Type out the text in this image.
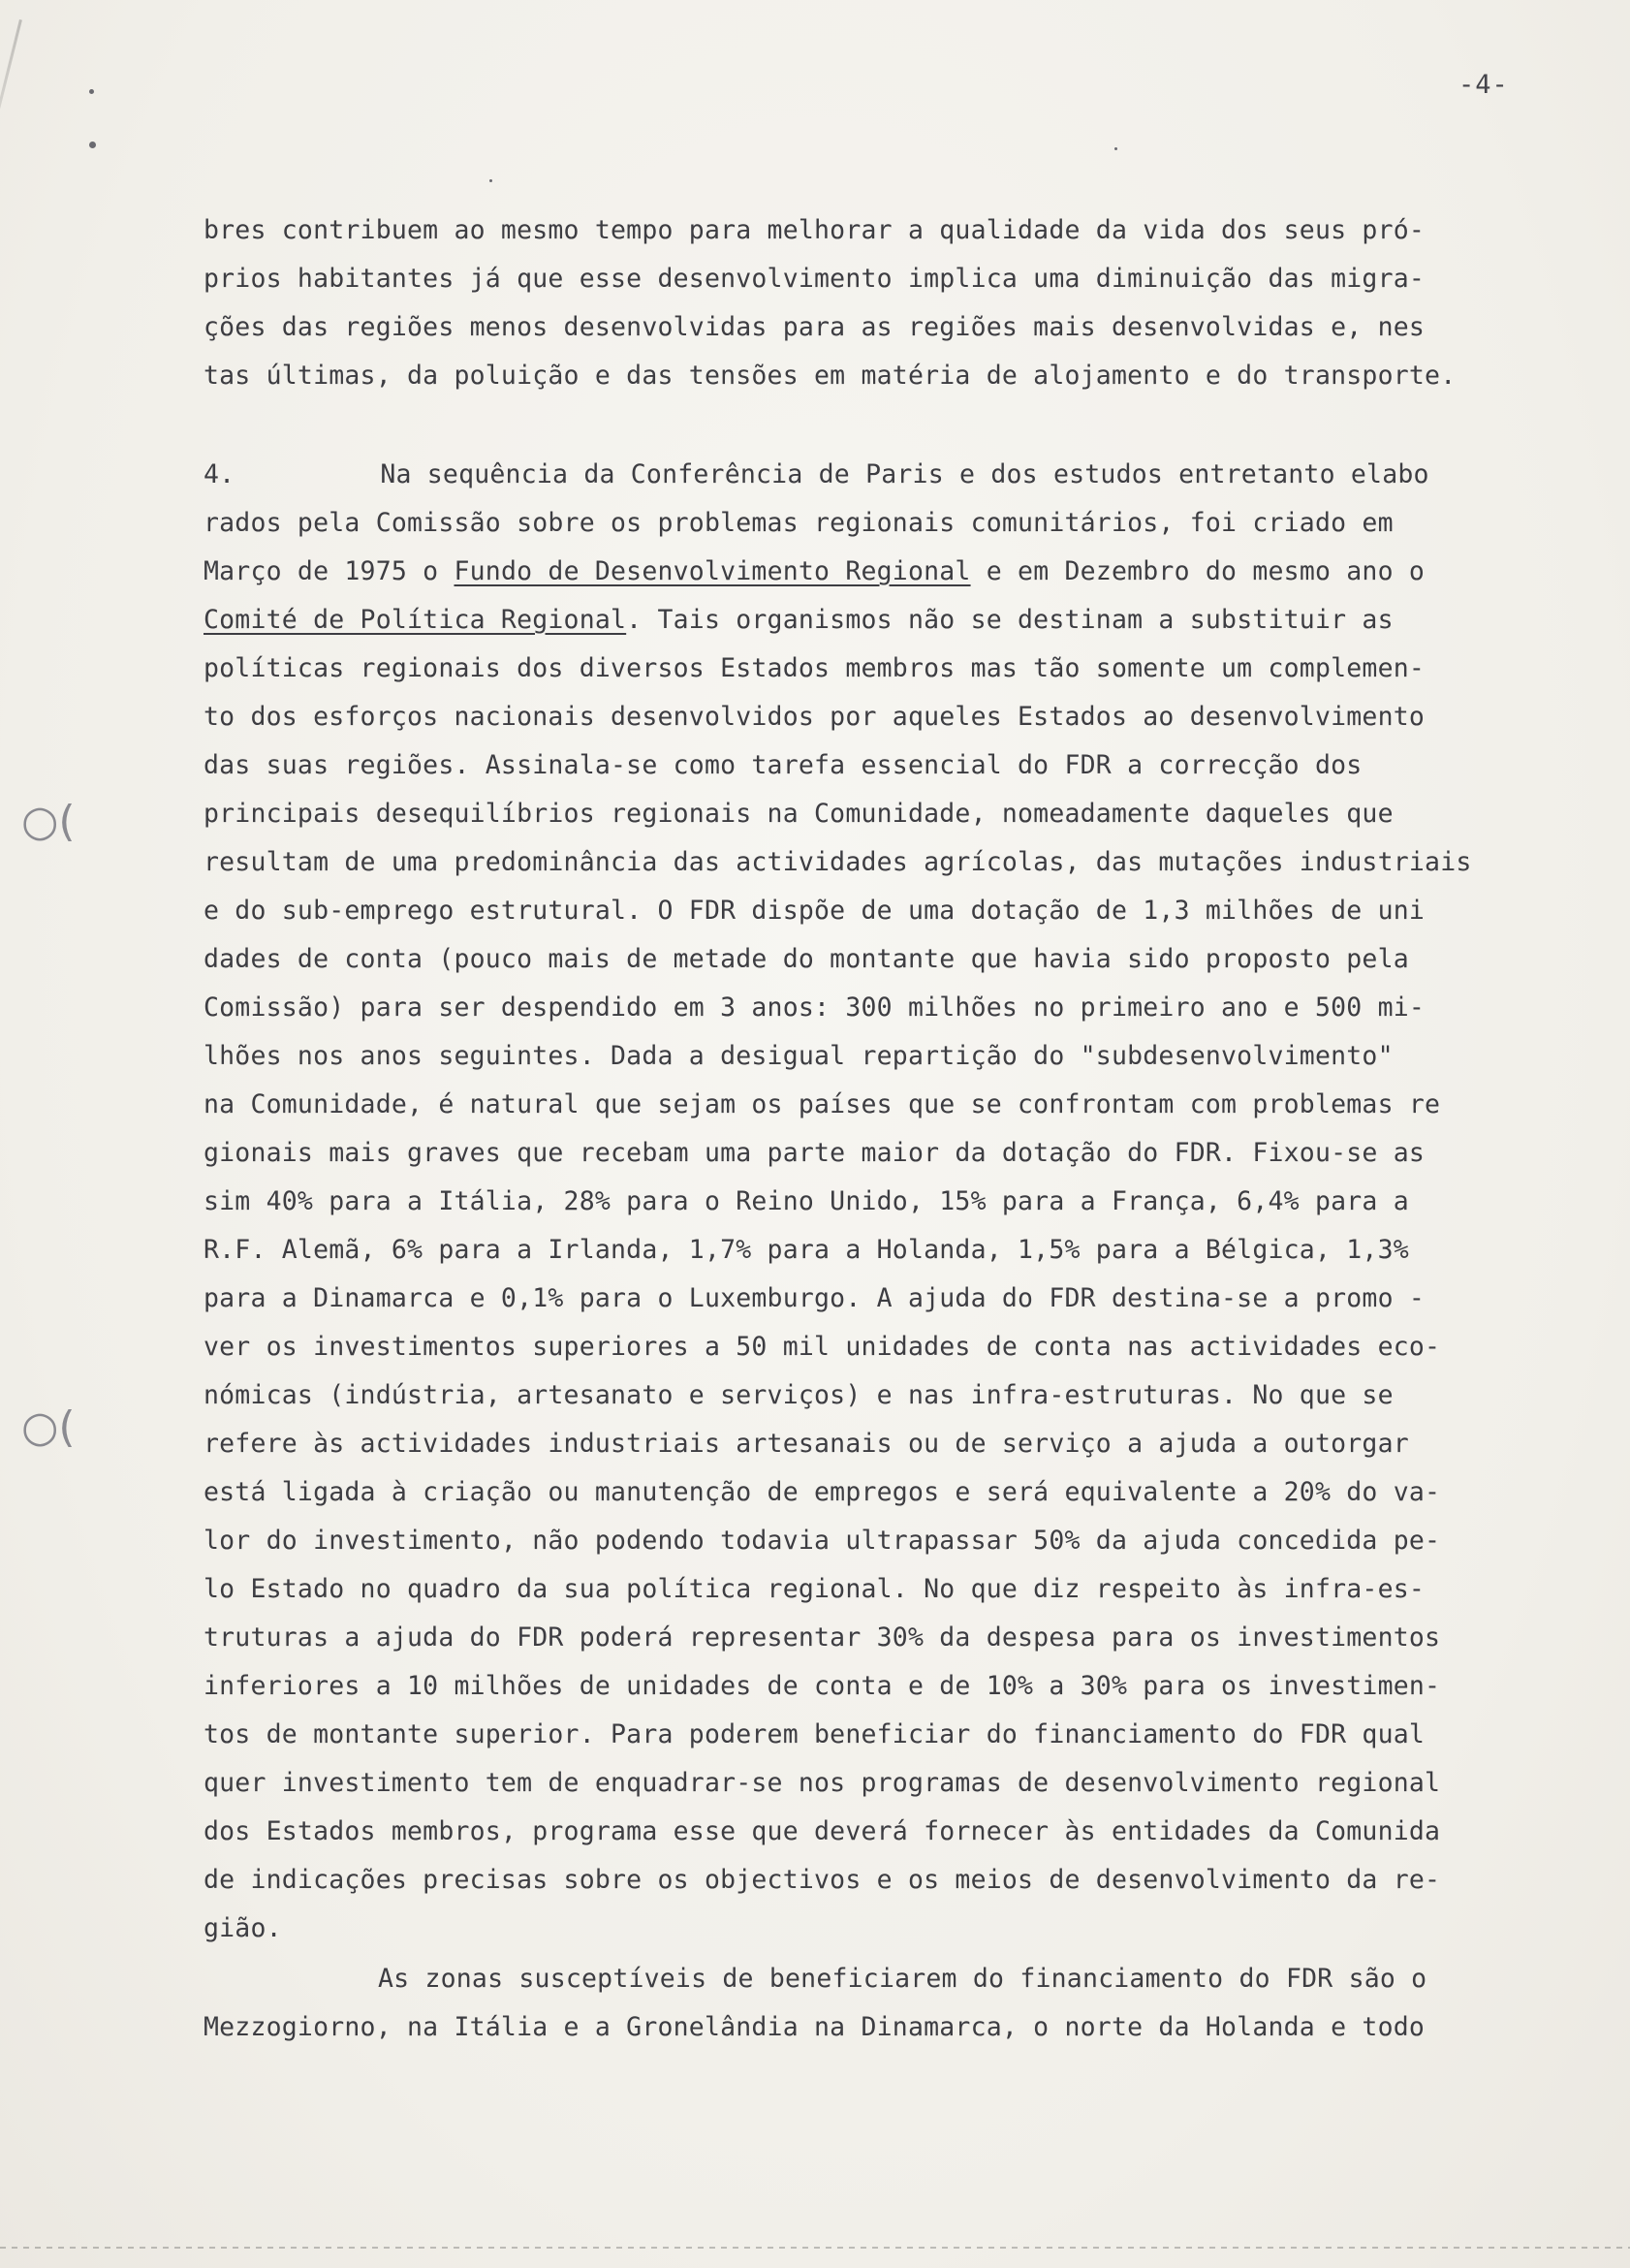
-4-
○(
○(
bres contribuem ao mesmo tempo para melhorar a qualidade da vida dos seus pró-
prios habitantes já que esse desenvolvimento implica uma diminuição das migra-
ções das regiões menos desenvolvidas para as regiões mais desenvolvidas e, nes
tas últimas, da poluição e das tensões em matéria de alojamento e do transporte.
4.	Na sequência da Conferência de Paris e dos estudos entretanto elabo
rados pela Comissão sobre os problemas regionais comunitários, foi criado em
Março de 1975 o Fundo de Desenvolvimento Regional e em Dezembro do mesmo ano o
Comité de Política Regional. Tais organismos não se destinam a substituir as
políticas regionais dos diversos Estados membros mas tão somente um complemen-
to dos esforços nacionais desenvolvidos por aqueles Estados ao desenvolvimento
das suas regiões. Assinala-se como tarefa essencial do FDR a correcção dos
principais desequilíbrios regionais na Comunidade, nomeadamente daqueles que
resultam de uma predominância das actividades agrícolas, das mutações industriais
e do sub-emprego estrutural. O FDR dispõe de uma dotação de 1,3 milhões de uni
dades de conta (pouco mais de metade do montante que havia sido proposto pela
Comissão) para ser despendido em 3 anos: 300 milhões no primeiro ano e 500 mi-
lhões nos anos seguintes. Dada a desigual repartição do "subdesenvolvimento"
na Comunidade, é natural que sejam os países que se confrontam com problemas re
gionais mais graves que recebam uma parte maior da dotação do FDR. Fixou-se as
sim 40% para a Itália, 28% para o Reino Unido, 15% para a França, 6,4% para a
R.F. Alemã, 6% para a Irlanda, 1,7% para a Holanda, 1,5% para a Bélgica, 1,3%
para a Dinamarca e 0,1% para o Luxemburgo. A ajuda do FDR destina-se a promo -
ver os investimentos superiores a 50 mil unidades de conta nas actividades eco-
nómicas (indústria, artesanato e serviços) e nas infra-estruturas. No que se
refere às actividades industriais artesanais ou de serviço a ajuda a outorgar
está ligada à criação ou manutenção de empregos e será equivalente a 20% do va-
lor do investimento, não podendo todavia ultrapassar 50% da ajuda concedida pe-
lo Estado no quadro da sua política regional. No que diz respeito às infra-es-
truturas a ajuda do FDR poderá representar 30% da despesa para os investimentos
inferiores a 10 milhões de unidades de conta e de 10% a 30% para os investimen-
tos de montante superior. Para poderem beneficiar do financiamento do FDR qual
quer investimento tem de enquadrar-se nos programas de desenvolvimento regional
dos Estados membros, programa esse que deverá fornecer às entidades da Comunida
de indicações precisas sobre os objectivos e os meios de desenvolvimento da re-
gião.
As zonas susceptíveis de beneficiarem do financiamento do FDR são o
Mezzogiorno, na Itália e a Gronelândia na Dinamarca, o norte da Holanda e todo
